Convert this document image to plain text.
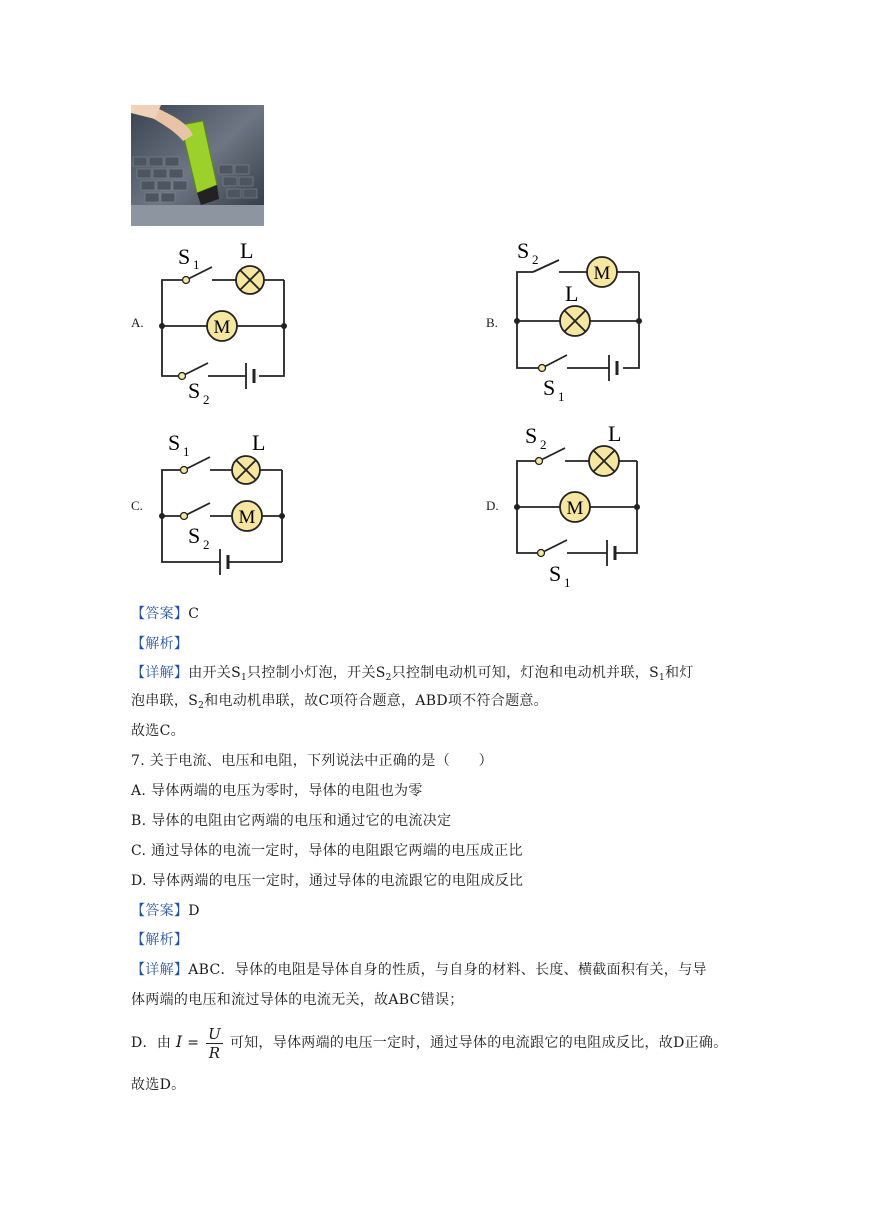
A.	M
L
S 1
S 2
B.
M
L
S 2
S 1
C.
M
L
S 1
S 2
D.	M
L
S 2
S 1
【答案】C
【解析】
【详解】由开关$S_1$只控制小灯泡，开关$S_2$只控制电动机可知，灯泡和电动机并联，$S_1$和灯
泡串联，$S_2$和电动机串联，故C项符合题意，ABD项不符合题意。
故选C。
7. 关于电流、电压和电阻，下列说法中正确的是（　　）
A. 导体两端的电压为零时，导体的电阻也为零
B. 导体的电阻由它两端的电压和通过它的电流决定
C. 通过导体的电流一定时，导体的电阻跟它两端的电压成正比
D. 导体两端的电压一定时，通过导体的电流跟它的电阻成反比
【答案】D
【解析】
【详解】ABC．导体的电阻是导体自身的性质，与自身的材料、长度、横截面积有关，与导
体两端的电压和流过导体的电流无关，故ABC错误；
D．由 $I = \frac{U}{R}$ 可知，导体两端的电压一定时，通过导体的电流跟它的电阻成反比，故D正确。
故选D。
